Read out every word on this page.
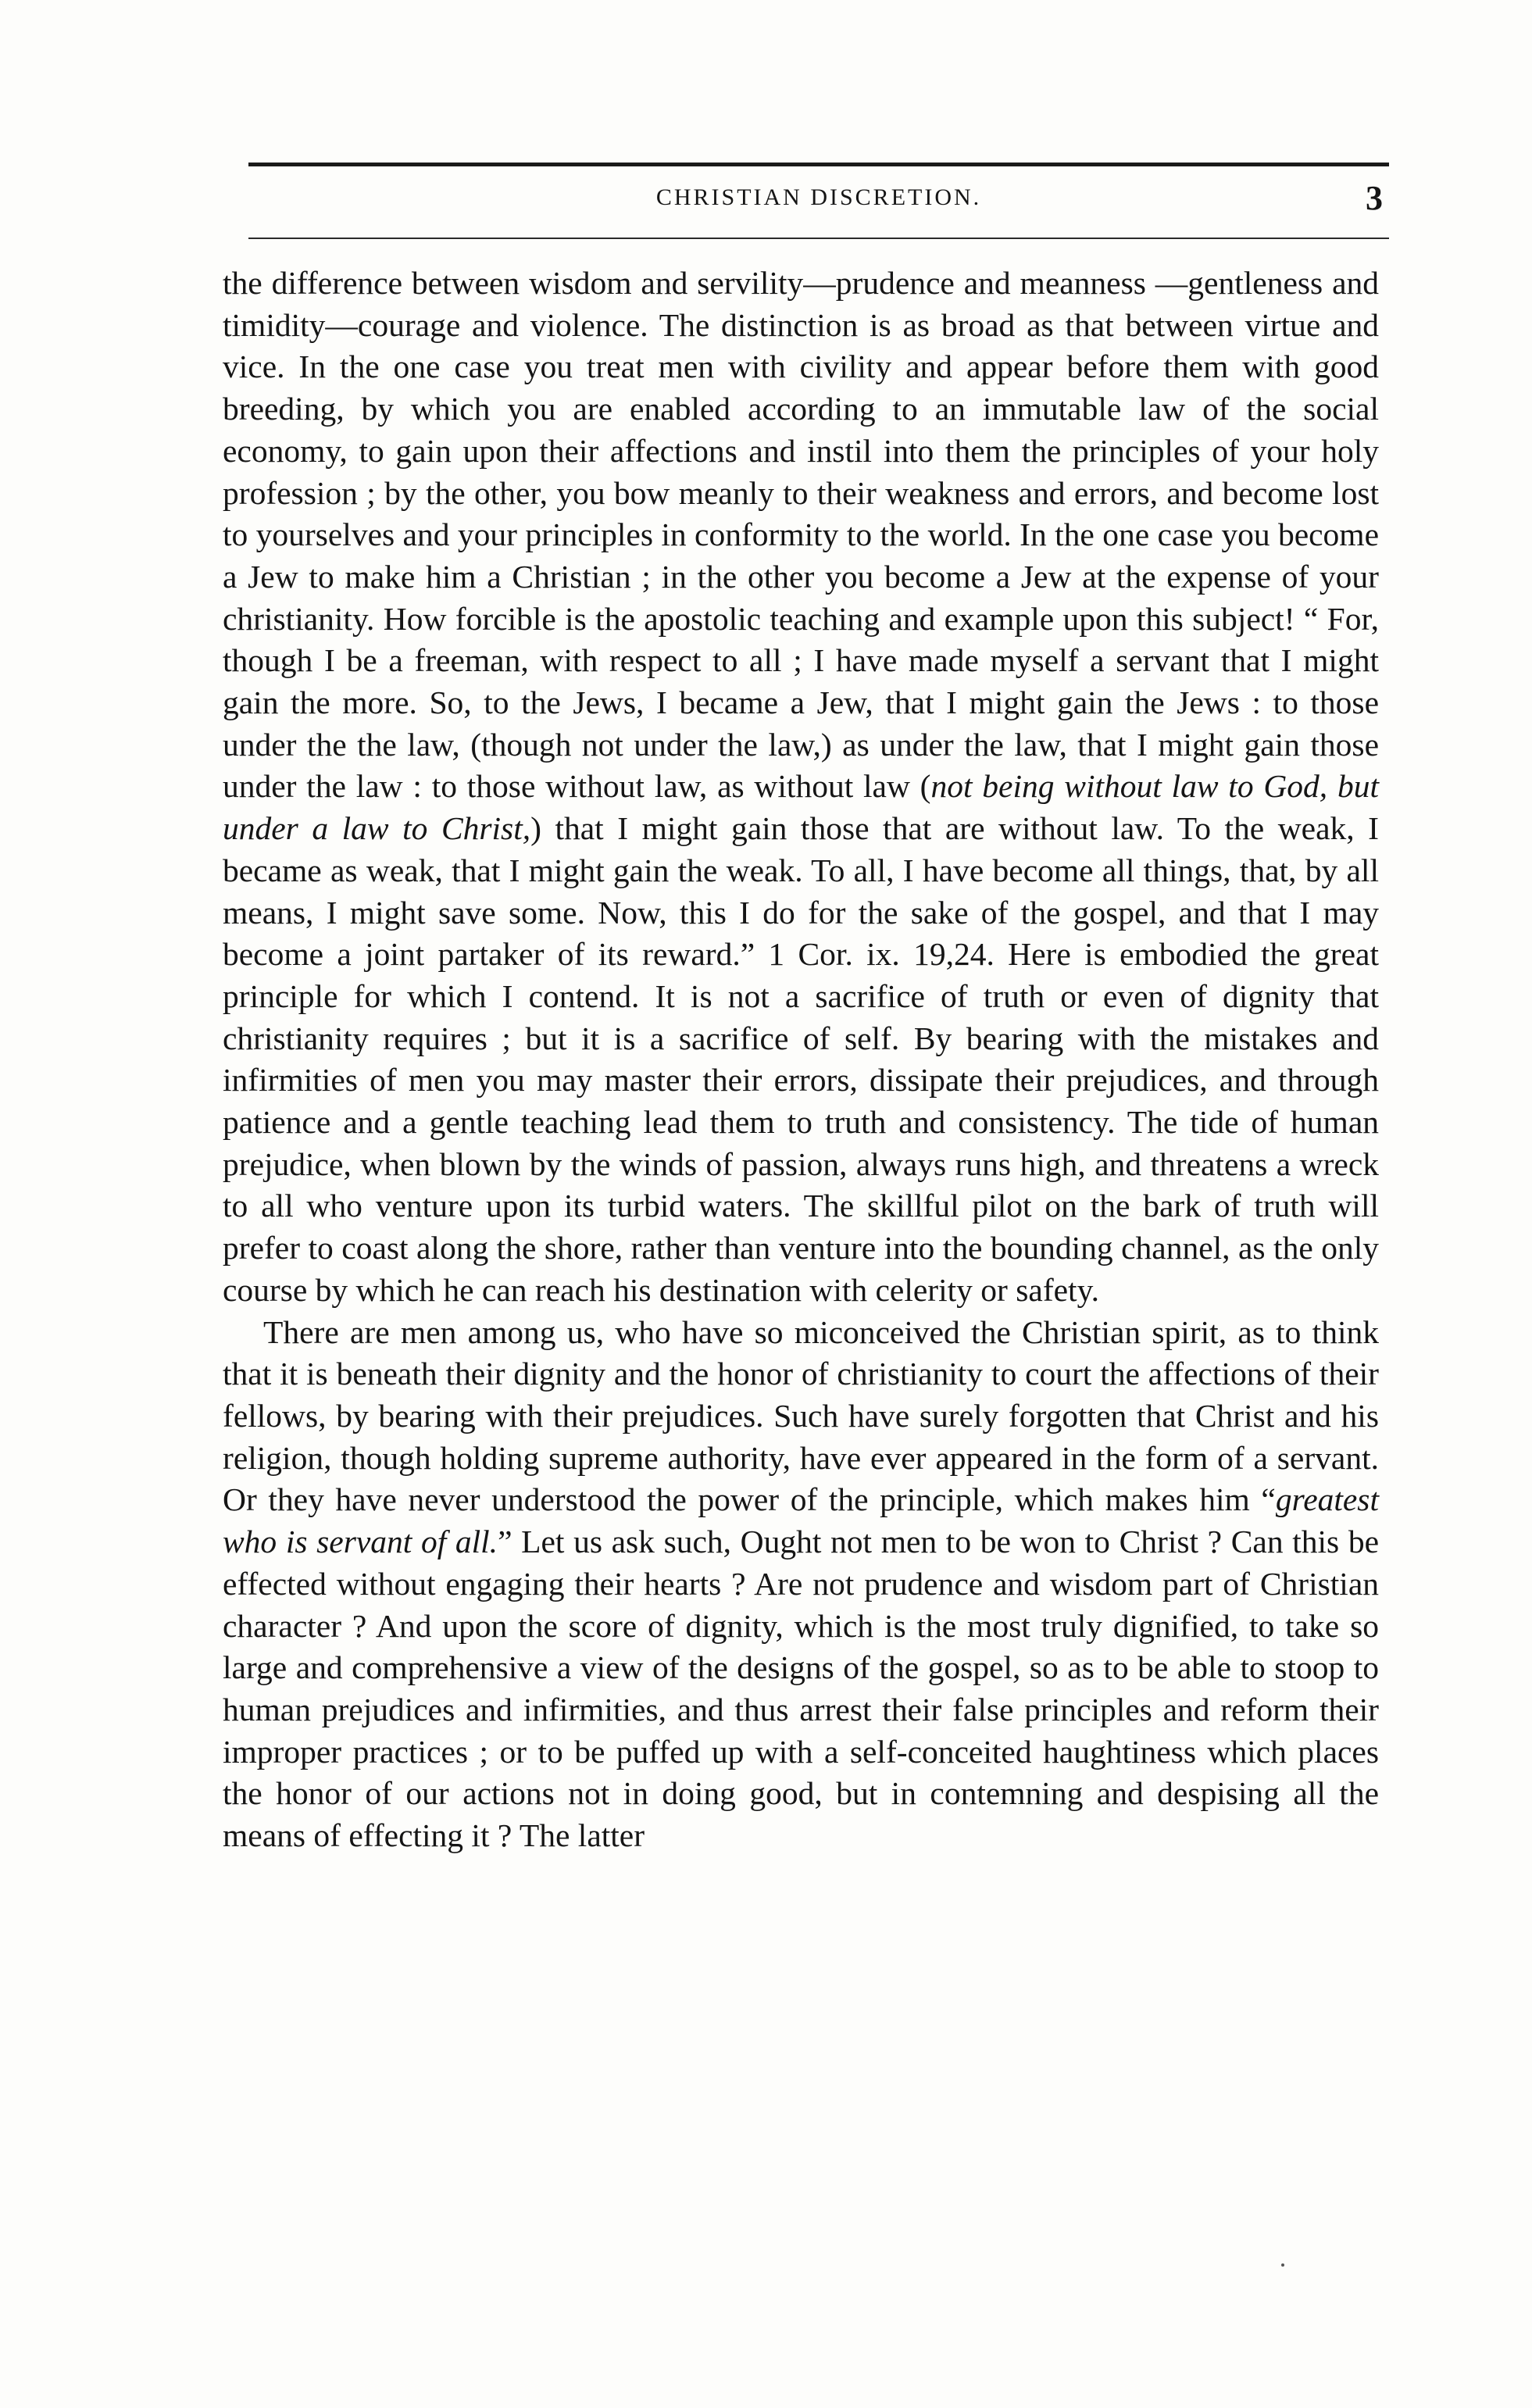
CHRISTIAN DISCRETION.	3

the difference between wisdom and servility—prudence and meanness —gentleness and timidity—courage and violence. The distinction is as broad as that between virtue and vice. In the one case you treat men with civility and appear before them with good breeding, by which you are enabled according to an immutable law of the social economy, to gain upon their affections and instil into them the principles of your holy profession ; by the other, you bow meanly to their weakness and errors, and become lost to yourselves and your principles in conformity to the world. In the one case you become a Jew to make him a Christian ; in the other you become a Jew at the expense of your christianity. How forcible is the apostolic teaching and example upon this subject! “ For, though I be a freeman, with respect to all ; I have made myself a servant that I might gain the more. So, to the Jews, I became a Jew, that I might gain the Jews : to those under the the law, (though not under the law,) as under the law, that I might gain those under the law : to those without law, as without law (not being without law to God, but under a law to Christ,) that I might gain those that are without law. To the weak, I became as weak, that I might gain the weak. To all, I have become all things, that, by all means, I might save some. Now, this I do for the sake of the gospel, and that I may become a joint partaker of its reward.” 1 Cor. ix. 19,24. Here is embodied the great principle for which I contend. It is not a sacrifice of truth or even of dignity that christianity requires ; but it is a sacrifice of self. By bearing with the mistakes and infirmities of men you may master their errors, dissipate their prejudices, and through patience and a gentle teaching lead them to truth and consistency. The tide of human prejudice, when blown by the winds of passion, always runs high, and threatens a wreck to all who venture upon its turbid waters. The skillful pilot on the bark of truth will prefer to coast along the shore, rather than venture into the bounding channel, as the only course by which he can reach his destination with celerity or safety.

There are men among us, who have so miconceived the Christian spirit, as to think that it is beneath their dignity and the honor of christianity to court the affections of their fellows, by bearing with their prejudices. Such have surely forgotten that Christ and his religion, though holding supreme authority, have ever appeared in the form of a servant. Or they have never understood the power of the principle, which makes him “greatest who is servant of all.” Let us ask such, Ought not men to be won to Christ ? Can this be effected without engaging their hearts ? Are not prudence and wisdom part of Christian character ? And upon the score of dignity, which is the most truly dignified, to take so large and comprehensive a view of the designs of the gospel, so as to be able to stoop to human prejudices and infirmities, and thus arrest their false principles and reform their improper practices ; or to be puffed up with a self-conceited haughtiness which places the honor of our actions not in doing good, but in contemning and despising all the means of effecting it ? The latter
